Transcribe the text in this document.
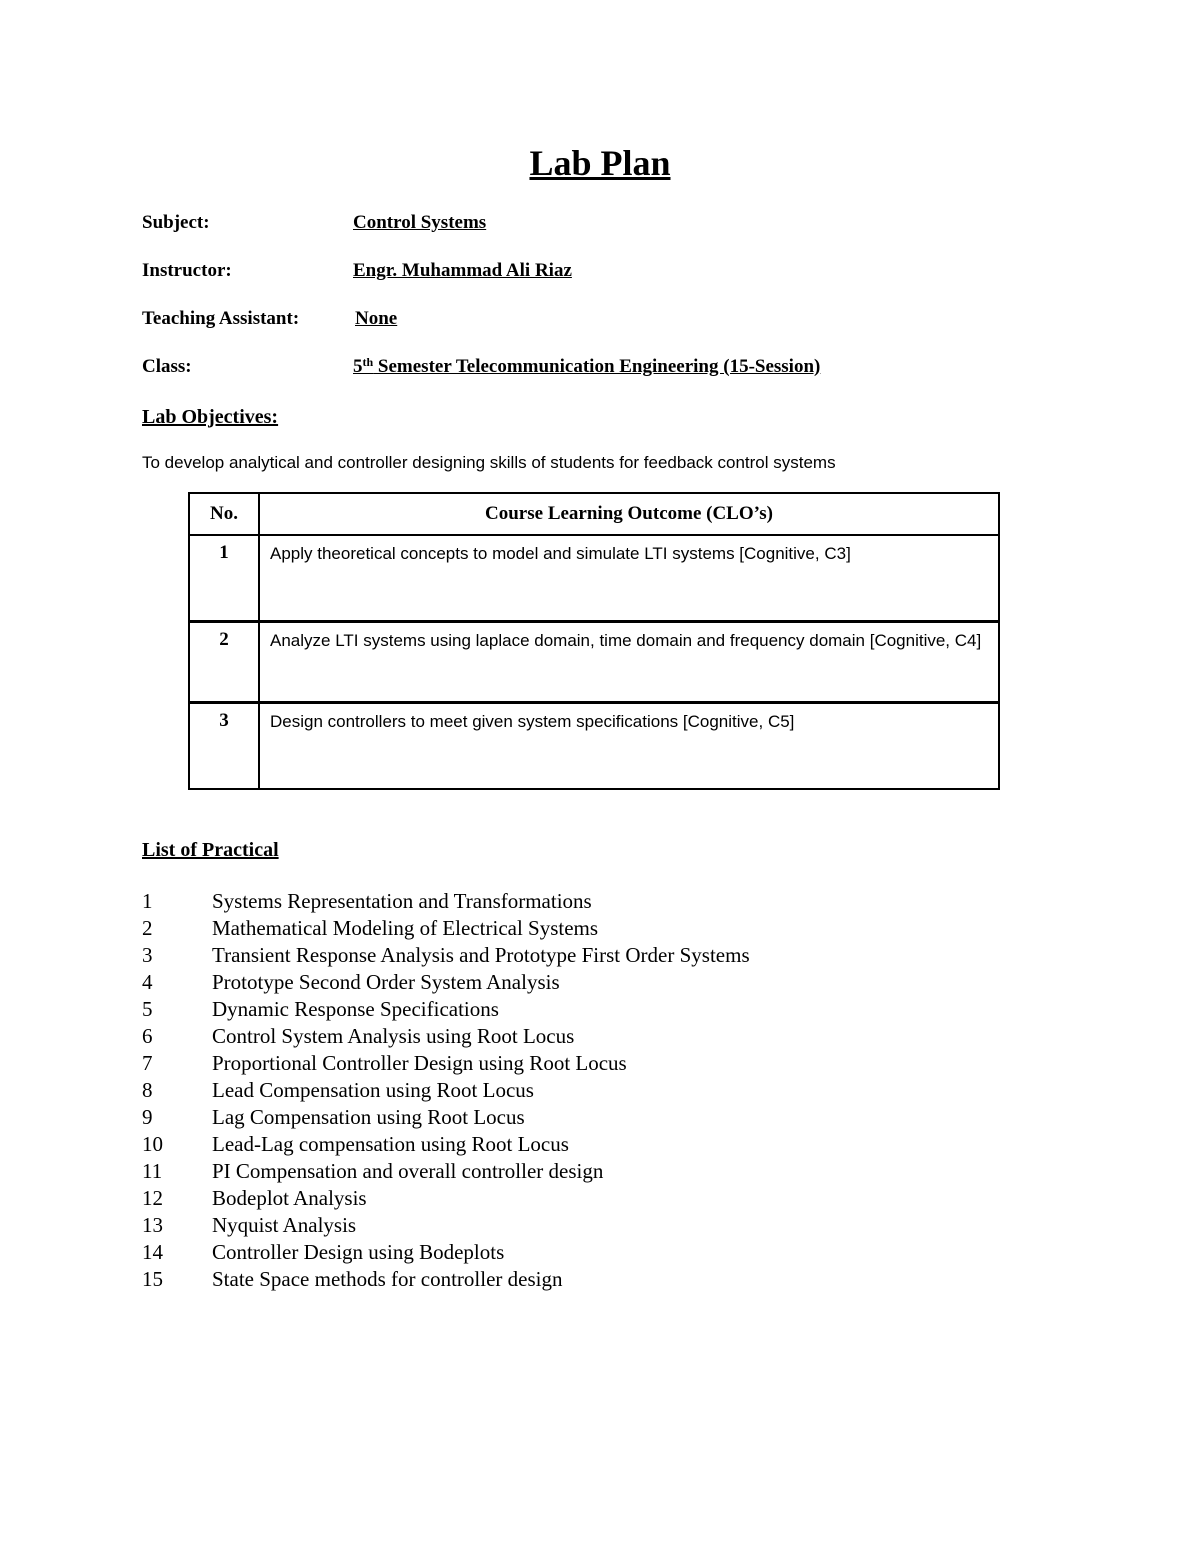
Lab Plan
Subject:	Control Systems
Instructor:	Engr. Muhammad Ali Riaz
Teaching Assistant:	None
Class:	5th Semester Telecommunication Engineering (15-Session)
Lab Objectives:
To develop analytical and controller designing skills of students for feedback control systems
No.	Course Learning Outcome (CLO’s)
1	Apply theoretical concepts to model and simulate LTI systems [Cognitive, C3]
2	Analyze LTI systems using laplace domain, time domain and frequency domain [Cognitive, C4]
3	Design controllers to meet given system specifications [Cognitive, C5]
List of Practical
1	Systems Representation and Transformations
2	Mathematical Modeling of Electrical Systems
3	Transient Response Analysis and Prototype First Order Systems
4	Prototype Second Order System Analysis
5	Dynamic Response Specifications
6	Control System Analysis using Root Locus
7	Proportional Controller Design using Root Locus
8	Lead Compensation using Root Locus
9	Lag Compensation using Root Locus
10 Lead-Lag compensation using Root Locus
11 PI Compensation and overall controller design
12 Bodeplot Analysis
13 Nyquist Analysis
14 Controller Design using Bodeplots
15 State Space methods for controller design
